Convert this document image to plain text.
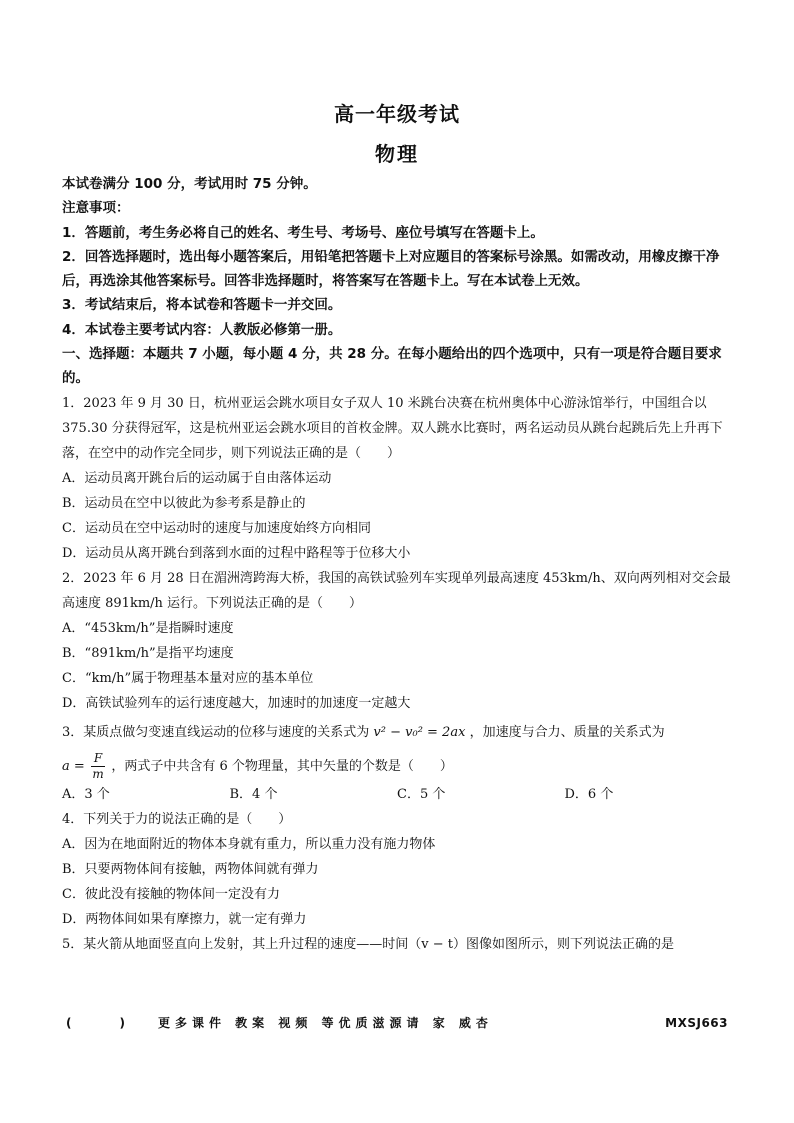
高一年级考试
物理

本试卷满分 100 分，考试用时 75 分钟。

注意事项：

1．答题前，考生务必将自己的姓名、考生号、考场号、座位号填写在答题卡上。

2．回答选择题时，选出每小题答案后，用铅笔把答题卡上对应题目的答案标号涂黑。如需改动，用橡皮擦干净后，再选涂其他答案标号。回答非选择题时，将答案写在答题卡上。写在本试卷上无效。

3．考试结束后，将本试卷和答题卡一并交回。

4．本试卷主要考试内容：人教版必修第一册。

一、选择题：本题共 7 小题，每小题 4 分，共 28 分。在每小题给出的四个选项中，只有一项是符合题目要求的。

1．2023 年 9 月 30 日，杭州亚运会跳水项目女子双人 10 米跳台决赛在杭州奥体中心游泳馆举行，中国组合以 375.30 分获得冠军，这是杭州亚运会跳水项目的首枚金牌。双人跳水比赛时，两名运动员从跳台起跳后先上升再下落，在空中的动作完全同步，则下列说法正确的是（　　）

A．运动员离开跳台后的运动属于自由落体运动

B．运动员在空中以彼此为参考系是静止的

C．运动员在空中运动时的速度与加速度始终方向相同

D．运动员从离开跳台到落到水面的过程中路程等于位移大小

2．2023 年 6 月 28 日在湄洲湾跨海大桥，我国的高铁试验列车实现单列最高速度 453km/h、双向两列相对交会最高速度 891km/h 运行。下列说法正确的是（　　）

A．“453km/h”是指瞬时速度

B．“891km/h”是指平均速度

C．“km/h”属于物理基本量对应的基本单位

D．高铁试验列车的运行速度越大，加速时的加速度一定越大

3．某质点做匀变速直线运动的位移与速度的关系式为 v² − v₀² = 2ax ，加速度与合力、质量的关系式为

$a = \frac{F}{m}$ ，两式子中共含有 6 个物理量，其中矢量的个数是（　　）

A．3 个	B．4 个	C．5 个	D．6 个

4．下列关于力的说法正确的是（　　）

A．因为在地面附近的物体本身就有重力，所以重力没有施力物体

B．只要两物体间有接触，两物体间就有弹力

C．彼此没有接触的物体间一定没有力

D．两物体间如果有摩擦力，就一定有弹力

5．某火箭从地面竖直向上发射，其上升过程的速度——时间（v − t）图像如图所示，则下列说法正确的是

(　　　　)	更多课件 教案 视频 等优质滋源请 家 威杏	MXSJ663
